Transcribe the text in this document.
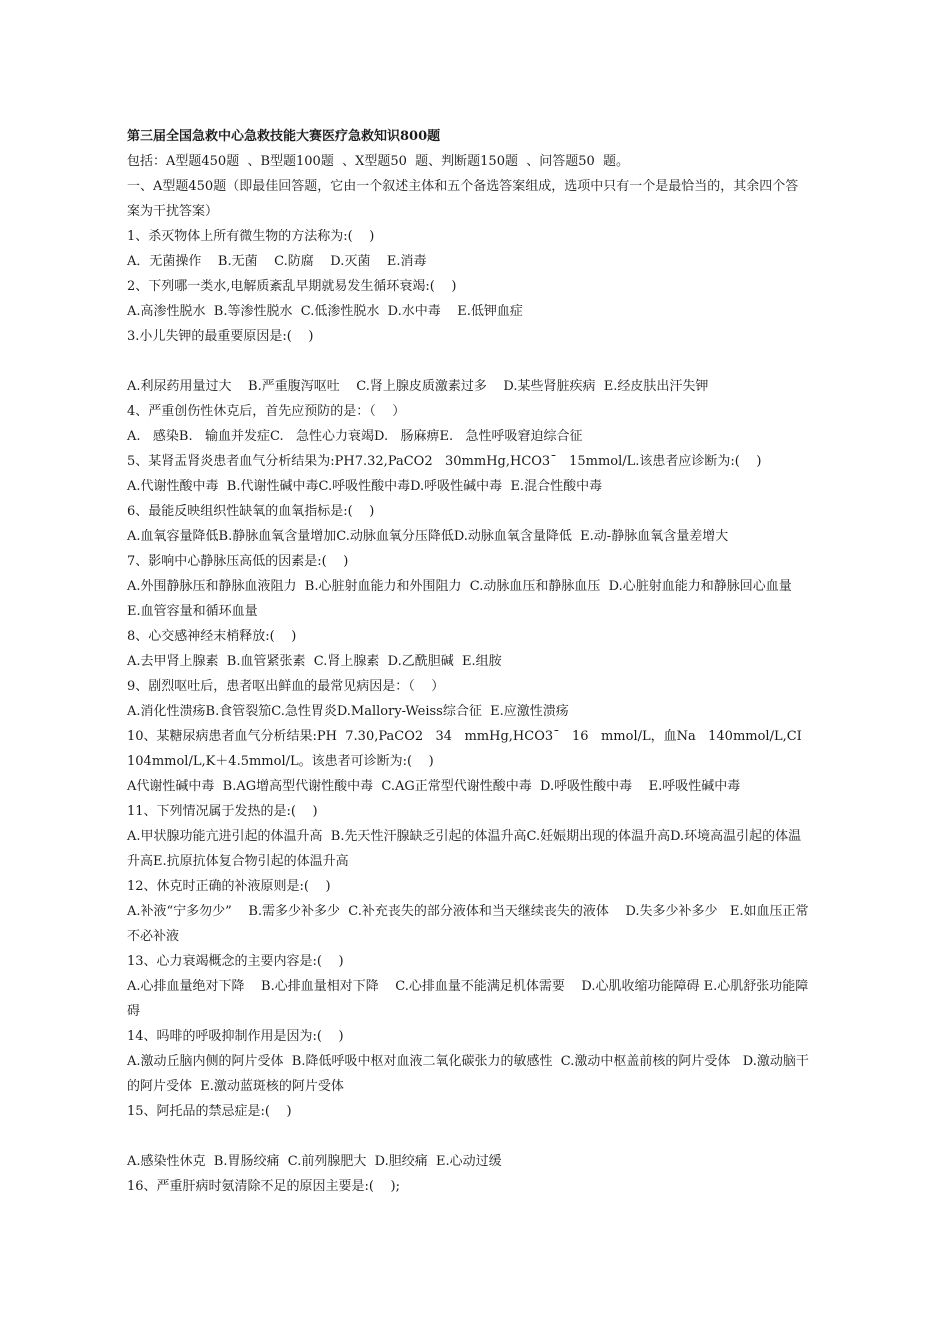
第三届全国急救中心急救技能大赛医疗急救知识800题

包括：A型题450题  、B型题100题  、X型题50  题、判断题150题  、问答题50  题。

一、A型题450题（即最佳回答题，它由一个叙述主体和五个备选答案组成，选项中只有一个是最恰当的，其余四个答案为干扰答案）

1、杀灭物体上所有微生物的方法称为:(    )

A．无菌操作    B.无菌    C.防腐    D.灭菌    E.消毒

2、下列哪一类水,电解质紊乱早期就易发生循环衰竭:(    )

A.高渗性脱水  B.等渗性脱水  C.低渗性脱水  D.水中毒    E.低钾血症

3.小儿失钾的最重要原因是:(    )

A.利尿药用量过大    B.严重腹泻呕吐    C.肾上腺皮质激素过多    D.某些肾脏疾病  E.经皮肤出汗失钾

4、严重创伤性休克后，首先应预防的是：（    ）

A.   感染B.   输血并发症C.   急性心力衰竭D.   肠麻痹E.   急性呼吸窘迫综合征

5、某肾盂肾炎患者血气分析结果为:PH7.32,PaCO2   30mmHg,HCO3ˉ   15mmol/L.该患者应诊断为:(    )

A.代谢性酸中毒  B.代谢性碱中毒C.呼吸性酸中毒D.呼吸性碱中毒  E.混合性酸中毒

6、最能反映组织性缺氧的血氧指标是:(    )

A.血氧容量降低B.静脉血氧含量增加C.动脉血氧分压降低D.动脉血氧含量降低  E.动-静脉血氧含量差增大

7、影响中心静脉压高低的因素是:(    )

A.外围静脉压和静脉血液阻力  B.心脏射血能力和外围阻力  C.动脉血压和静脉血压  D.心脏射血能力和静脉回心血量  E.血管容量和循环血量

8、心交感神经末梢释放:(    )

A.去甲肾上腺素  B.血管紧张素  C.肾上腺素  D.乙酰胆碱  E.组胺

9、剧烈呕吐后，患者呕出鲜血的最常见病因是：（    ）

A.消化性溃疡B.食管裂笳C.急性胃炎D.Mallory-Weiss综合征  E.应激性溃疡

10、某糖尿病患者血气分析结果:PH  7.30,PaCO2   34   mmHg,HCO3ˉ   16   mmol/L，血Na   140mmol/L,CI   104mmol/L,K＋4.5mmol/L。该患者可诊断为:(    )

A代谢性碱中毒  B.AG增高型代谢性酸中毒  C.AG正常型代谢性酸中毒  D.呼吸性酸中毒    E.呼吸性碱中毒

11、下列情况属于发热的是:(    )

A.甲状腺功能亢进引起的体温升高  B.先天性汗腺缺乏引起的体温升高C.妊娠期出现的体温升高D.环境高温引起的体温升高E.抗原抗体复合物引起的体温升高

12、休克时正确的补液原则是:(    )

A.补液“宁多勿少”    B.需多少补多少  C.补充丧失的部分液体和当天继续丧失的液体    D.失多少补多少   E.如血压正常不必补液

13、心力衰竭概念的主要内容是:(    )

A.心排血量绝对下降    B.心排血量相对下降    C.心排血量不能满足机体需要    D.心肌收缩功能障碍 E.心肌舒张功能障碍

14、吗啡的呼吸抑制作用是因为:(    )

A.激动丘脑内侧的阿片受体  B.降低呼吸中枢对血液二氧化碳张力的敏感性  C.激动中枢盖前核的阿片受体   D.激动脑干的阿片受体  E.激动蓝斑核的阿片受体

15、阿托品的禁忌症是:(    )

A.感染性休克  B.胃肠绞痛  C.前列腺肥大  D.胆绞痛  E.心动过缓

16、严重肝病时氨清除不足的原因主要是:(    );
